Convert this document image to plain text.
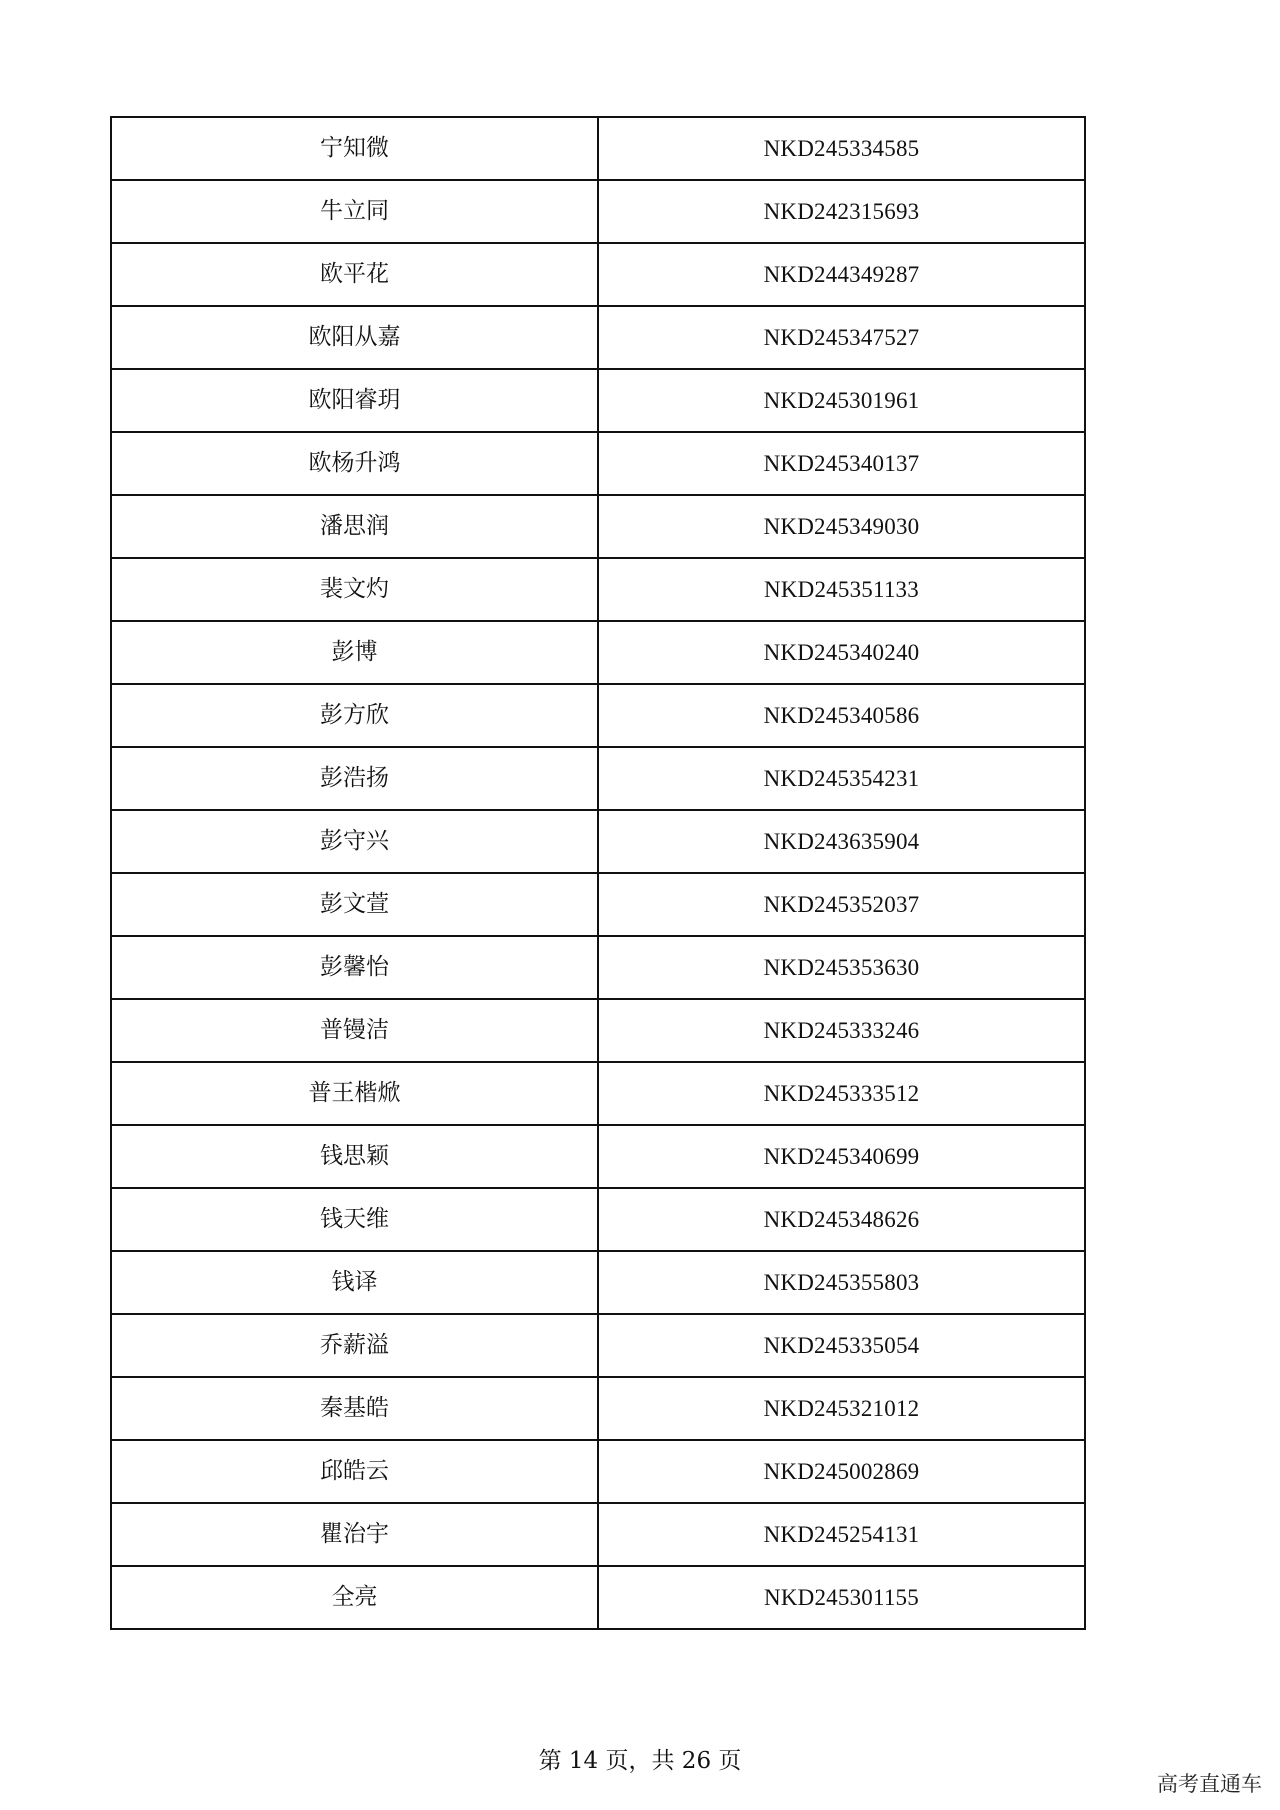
宁知微	NKD245334585
牛立同	NKD242315693
欧平花	NKD244349287
欧阳从嘉	NKD245347527
欧阳睿玥	NKD245301961
欧杨升鸿	NKD245340137
潘思润	NKD245349030
裴文灼	NKD245351133
彭博	NKD245340240
彭方欣	NKD245340586
彭浩扬	NKD245354231
彭守兴	NKD243635904
彭文萱	NKD245352037
彭馨怡	NKD245353630
普镘洁	NKD245333246
普王楷焮	NKD245333512
钱思颖	NKD245340699
钱天维	NKD245348626
钱译	NKD245355803
乔薪溢	NKD245335054
秦基皓	NKD245321012
邱皓云	NKD245002869
瞿治宇	NKD245254131
全亮	NKD245301155
第 14 页，共 26 页
高考直通车
